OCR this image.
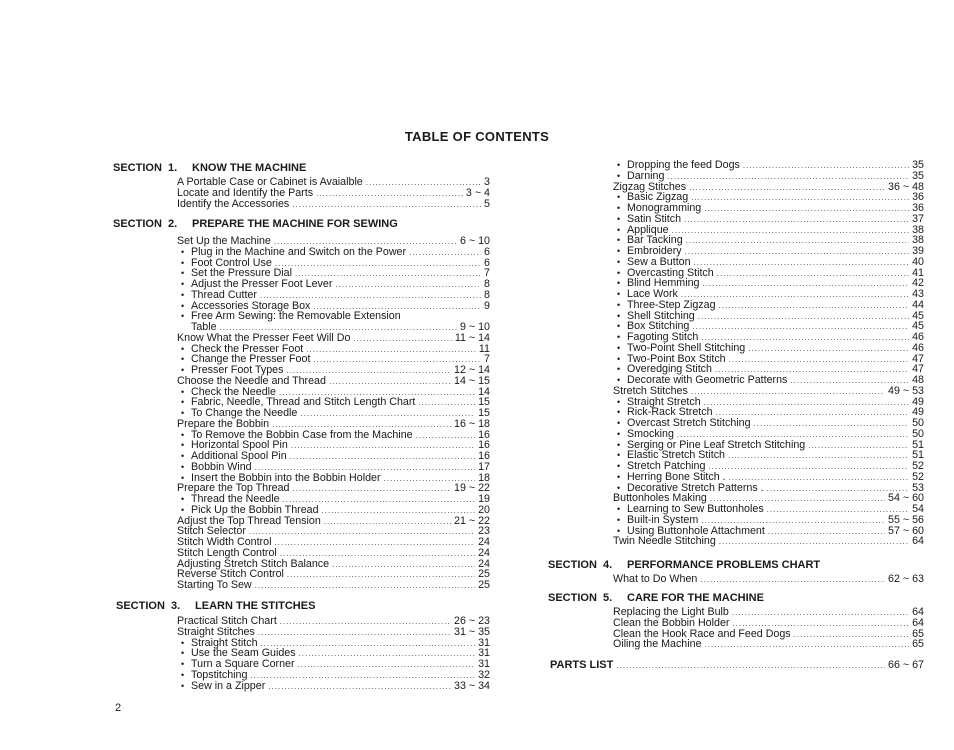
TABLE OF CONTENTS
SECTION 1. KNOW THE MACHINE
A Portable Case or Cabinet is Avaialble .....	3
Locate and Identify the Parts .....	3 ~ 4
Identify the Accessories .....	5
SECTION 2. PREPARE THE MACHINE FOR SEWING
Set Up the Machine .....	6 ~ 10
• Plug in the Machine and Switch on the Power .....	6
• Foot Control Use .....	6
• Set the Pressure Dial .....	7
• Adjust the Presser Foot Lever .....	8
• Thread Cutter .....	8
• Accessories Storage Box .....	9
• Free Arm Sewing: the Removable Extension
Table .....	9 ~ 10
Know What the Presser Feet Will Do .....	11 ~ 14
• Check the Presser Foot .....	11
• Change the Presser Foot .....	7
• Presser Foot Types .....	12 ~ 14
Choose the Needle and Thread .....	14 ~ 15
• Check the Needle .....	14
• Fabric, Needle, Thread and Stitch Length Chart .....	15
• To Change the Needle .....	15
Prepare the Bobbin .....	16 ~ 18
• To Remove the Bobbin Case from the Machine .....	16
• Horizontal Spool Pin .....	16
• Additional Spool Pin .....	16
• Bobbin Wind .....	17
• Insert the Bobbin into the Bobbin Holder .....	18
Prepare the Top Thread .....	19 ~ 22
• Thread the Needle .....	19
• Pick Up the Bobbin Thread .....	20
Adjust the Top Thread Tension .....	21 ~ 22
Stitch Selector .....	23
Stitch Width Control .....	24
Stitch Length Control .....	24
Adjusting Stretch Stitch Balance .....	24
Reverse Stitch Control .....	25
Starting To Sew .....	25
SECTION 3. LEARN THE STITCHES
Practical Stitch Chart .....	26 ~ 23
Straight Stitches .....	31 ~ 35
• Straight Stitch .....	31
• Use the Seam Guides .....	31
• Turn a Square Corner .....	31
• Topstitching .....	32
• Sew in a Zipper .....	33 ~ 34
• Dropping the feed Dogs .....	35
• Darning .....	35
Zigzag Stitches .....	36 ~ 48
• Basic Zigzag .....	36
• Monogramming .....	36
• Satin Stitch .....	37
• Applique .....	38
• Bar Tacking .....	38
• Embroidery .....	39
• Sew a Button .....	40
• Overcasting Stitch .....	41
• Blind Hemming .....	42
• Lace Work .....	43
• Three-Step Zigzag .....	44
• Shell Stitching .....	45
• Box Stitching .....	45
• Fagoting Stitch .....	46
• Two-Point Shell Stitching .....	46
• Two-Point Box Stitch .....	47
• Overedging Stitch .....	47
• Decorate with Geometric Patterns .....	48
Stretch Stitches .....	49 ~ 53
• Straight Stretch .....	49
• Rick-Rack Stretch .....	49
• Overcast Stretch Stitching .....	50
• Smocking .....	50
• Serging or Pine Leaf Stretch Stitching .....	51
• Elastic Stretch Stitch .....	51
• Stretch Patching .....	52
• Herring Bone Stitch . .....	52
• Decorative Stretch Patterns . .....	53
Buttonholes Making .....	54 ~ 60
• Learning to Sew Buttonholes .....	54
• Built-in System .....	55 ~ 56
• Using Buttonhole Attachment .....	57 ~ 60
Twin Needle Stitching .....	64
SECTION 4. PERFORMANCE PROBLEMS CHART
What to Do When .....	62 ~ 63
SECTION 5. CARE FOR THE MACHINE
Replacing the Light Bulb .....	64
Clean the Bobbin Holder .....	64
Clean the Hook Race and Feed Dogs .....	65
Oiling the Machine .....	65
PARTS LIST .....	66 ~ 67
2
